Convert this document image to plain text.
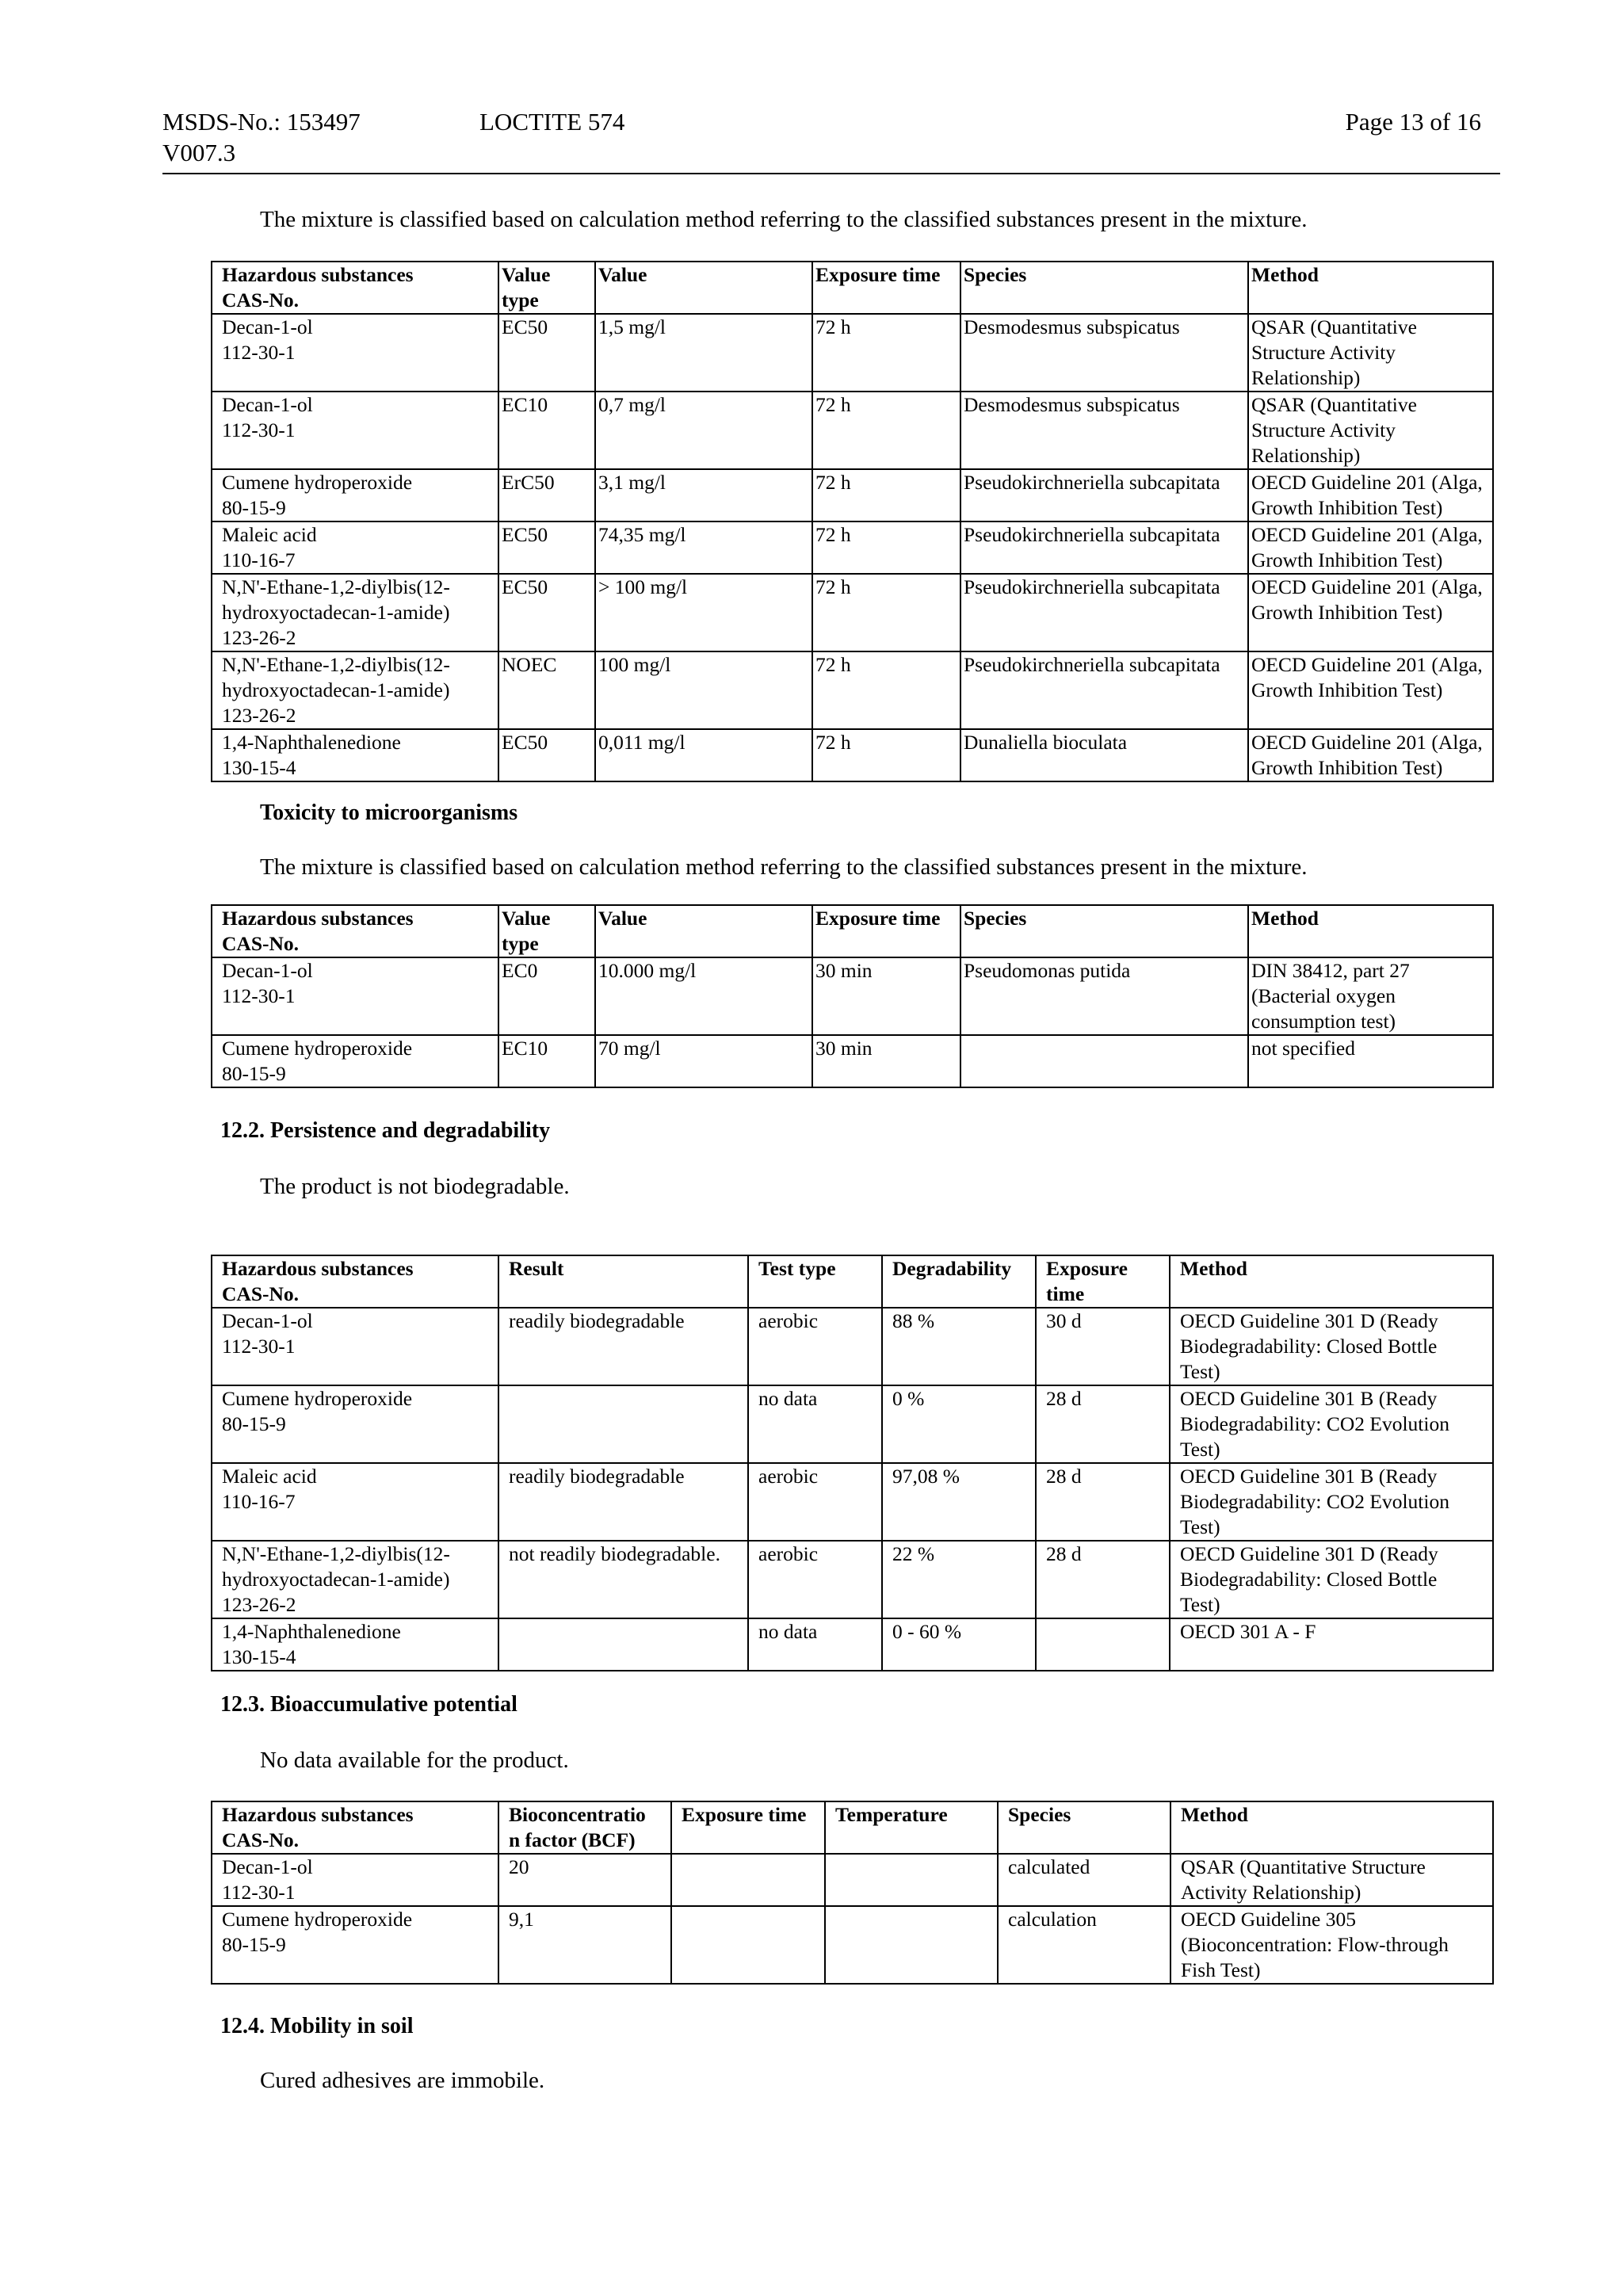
MSDS-No.: 153497
V007.3
LOCTITE 574	Page 13 of 16
The mixture is classified based on calculation method referring to the classified substances present in the mixture.
Hazardous substances
CAS-No.	Value
type	Value	Exposure time	Species	Method
Decan-1-ol
112-30-1	EC50	1,5 mg/l	72 h	Desmodesmus subspicatus	QSAR (Quantitative
Structure Activity
Relationship)
Decan-1-ol
112-30-1	EC10	0,7 mg/l	72 h	Desmodesmus subspicatus	QSAR (Quantitative
Structure Activity
Relationship)
Cumene hydroperoxide
80-15-9	ErC50	3,1 mg/l	72 h	Pseudokirchneriella subcapitata	OECD Guideline 201 (Alga,
Growth Inhibition Test)
Maleic acid
110-16-7	EC50	74,35 mg/l	72 h	Pseudokirchneriella subcapitata	OECD Guideline 201 (Alga,
Growth Inhibition Test)
N,N'-Ethane-1,2-diylbis(12-
hydroxyoctadecan-1-amide)
123-26-2	EC50	> 100 mg/l	72 h	Pseudokirchneriella subcapitata	OECD Guideline 201 (Alga,
Growth Inhibition Test)
N,N'-Ethane-1,2-diylbis(12-
hydroxyoctadecan-1-amide)
123-26-2	NOEC	100 mg/l	72 h	Pseudokirchneriella subcapitata	OECD Guideline 201 (Alga,
Growth Inhibition Test)
1,4-Naphthalenedione
130-15-4	EC50	0,011 mg/l	72 h	Dunaliella bioculata	OECD Guideline 201 (Alga,
Growth Inhibition Test)
Toxicity to microorganisms
The mixture is classified based on calculation method referring to the classified substances present in the mixture.
Hazardous substances
CAS-No.	Value
type	Value	Exposure time	Species	Method
Decan-1-ol
112-30-1	EC0	10.000 mg/l	30 min	Pseudomonas putida	DIN 38412, part 27
(Bacterial oxygen
consumption test)
Cumene hydroperoxide
80-15-9	EC10	70 mg/l	30 min		not specified
12.2. Persistence and degradability
The product is not biodegradable.
Hazardous substances
CAS-No.	Result	Test type	Degradability	Exposure
time	Method
Decan-1-ol
112-30-1	readily biodegradable	aerobic	88 %	30 d	OECD Guideline 301 D (Ready
Biodegradability: Closed Bottle
Test)
Cumene hydroperoxide
80-15-9		no data	0 %	28 d	OECD Guideline 301 B (Ready
Biodegradability: CO2 Evolution
Test)
Maleic acid
110-16-7	readily biodegradable	aerobic	97,08 %	28 d	OECD Guideline 301 B (Ready
Biodegradability: CO2 Evolution
Test)
N,N'-Ethane-1,2-diylbis(12-
hydroxyoctadecan-1-amide)
123-26-2	not readily biodegradable.	aerobic	22 %	28 d	OECD Guideline 301 D (Ready
Biodegradability: Closed Bottle
Test)
1,4-Naphthalenedione
130-15-4		no data	0 - 60 %		OECD 301 A - F
12.3. Bioaccumulative potential
No data available for the product.
Hazardous substances
CAS-No.	Bioconcentratio
n factor (BCF)	Exposure time	Temperature	Species	Method
Decan-1-ol
112-30-1	20			calculated	QSAR (Quantitative Structure
Activity Relationship)
Cumene hydroperoxide
80-15-9	9,1			calculation	OECD Guideline 305
(Bioconcentration: Flow-through
Fish Test)
12.4. Mobility in soil
Cured adhesives are immobile.
